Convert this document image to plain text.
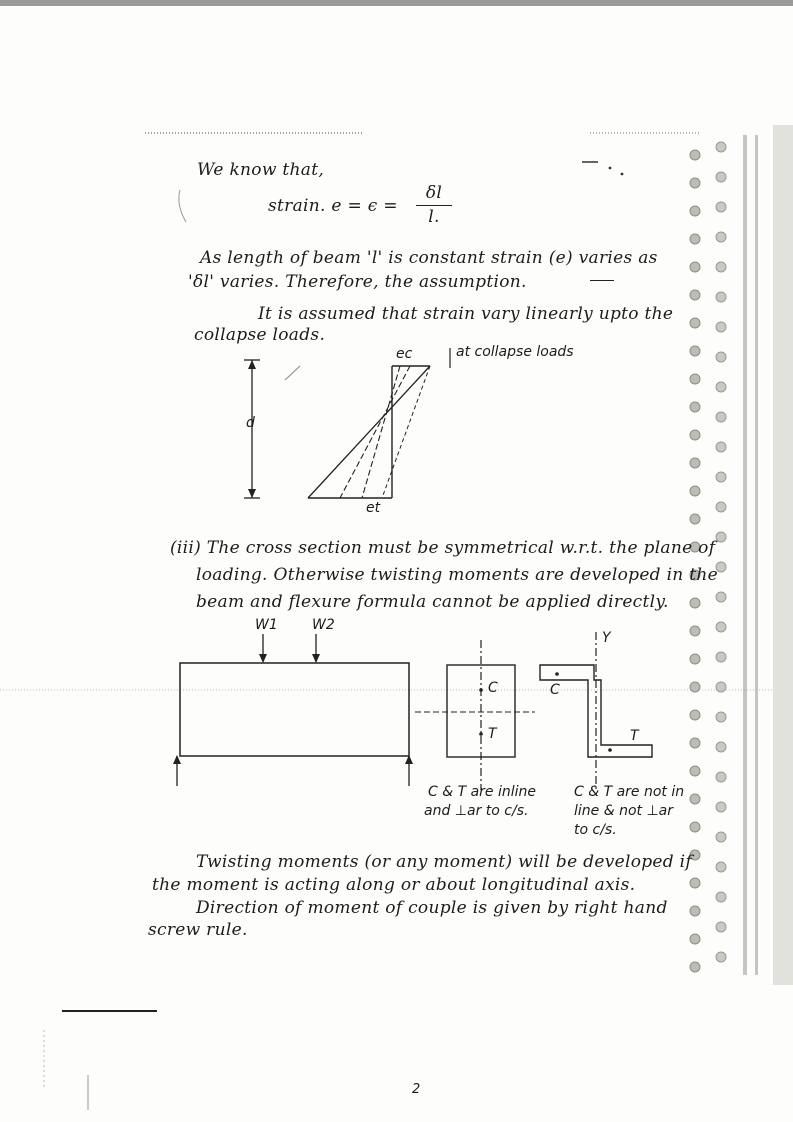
We know that,
strain. e = ϵ =
δl
l.
As length of beam 'l' is constant strain (e) varies as
'δl' varies. Therefore, the assumption.
It is assumed that strain vary linearly upto the
collapse loads.
d
ec
et
at collapse loads
(iii) The cross section must be symmetrical w.r.t. the plane of
loading. Otherwise twisting moments are developed in the
beam and flexure formula cannot be applied directly.
W1 W2
Y
C
T
C
T
C & T are inline
and ⊥ar to c/s.
C & T are not in
line & not ⊥ar
to c/s.
Twisting moments (or any moment) will be developed if
the moment is acting along or about longitudinal axis.
Direction of moment of couple is given by right hand
screw rule.
2
